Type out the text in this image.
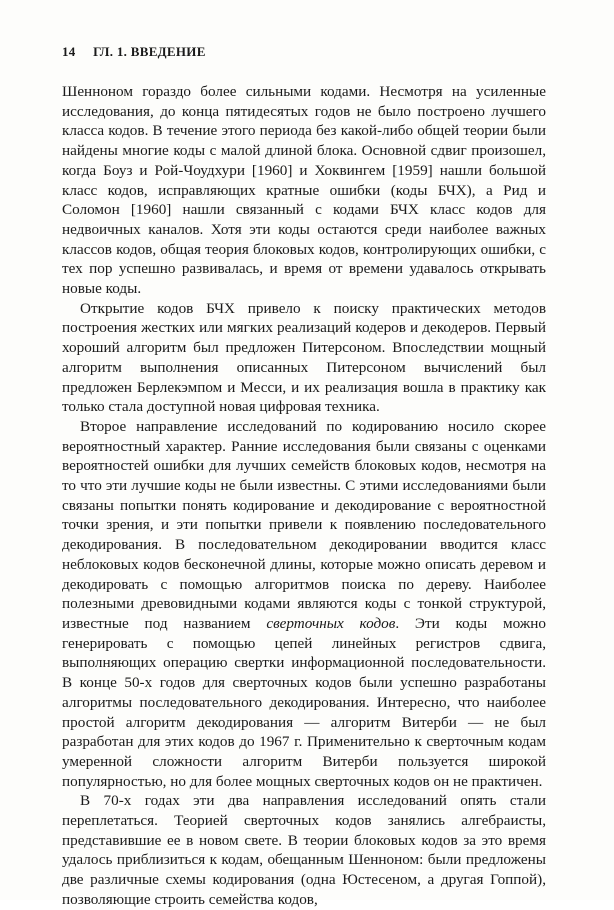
14 ГЛ. 1. ВВЕДЕНИЕ

Шенноном гораздо более сильными кодами. Несмотря на усиленные исследования, до конца пятидесятых годов не было построено лучшего класса кодов. В течение этого периода без какой-либо общей теории были найдены многие коды с малой длиной блока. Основной сдвиг произошел, когда Боуз и Рой-Чоудхури [1960] и Хоквингем [1959] нашли большой класс кодов, исправляющих кратные ошибки (коды БЧХ), а Рид и Соломон [1960] нашли связанный с кодами БЧХ класс кодов для недвоичных каналов. Хотя эти коды остаются среди наиболее важных классов кодов, общая теория блоковых кодов, контролирующих ошибки, с тех пор успешно развивалась, и время от времени удавалось открывать новые коды.

Открытие кодов БЧХ привело к поиску практических методов построения жестких или мягких реализаций кодеров и декодеров. Первый хороший алгоритм был предложен Питерсоном. Впоследствии мощный алгоритм выполнения описанных Питерсоном вычислений был предложен Берлекэмпом и Месси, и их реализация вошла в практику как только стала доступной новая цифровая техника.

Второе направление исследований по кодированию носило скорее вероятностный характер. Ранние исследования были связаны с оценками вероятностей ошибки для лучших семейств блоковых кодов, несмотря на то что эти лучшие коды не были известны. С этими исследованиями были связаны попытки понять кодирование и декодирование с вероятностной точки зрения, и эти попытки привели к появлению последовательного декодирования. В последовательном декодировании вводится класс неблоковых кодов бесконечной длины, которые можно описать деревом и декодировать с помощью алгоритмов поиска по дереву. Наиболее полезными древовидными кодами являются коды с тонкой структурой, известные под названием сверточных кодов. Эти коды можно генерировать с помощью цепей линейных регистров сдвига, выполняющих операцию свертки информационной последовательности. В конце 50-х годов для сверточных кодов были успешно разработаны алгоритмы последовательного декодирования. Интересно, что наиболее простой алгоритм декодирования — алгоритм Витерби — не был разработан для этих кодов до 1967 г. Применительно к сверточным кодам умеренной сложности алгоритм Витерби пользуется широкой популярностью, но для более мощных сверточных кодов он не практичен.

В 70-х годах эти два направления исследований опять стали переплетаться. Теорией сверточных кодов занялись алгебраисты, представившие ее в новом свете. В теории блоковых кодов за это время удалось приблизиться к кодам, обещанным Шенноном: были предложены две различные схемы кодирования (одна Юстесеном, а другая Гоппой), позволяющие строить семейства кодов,
